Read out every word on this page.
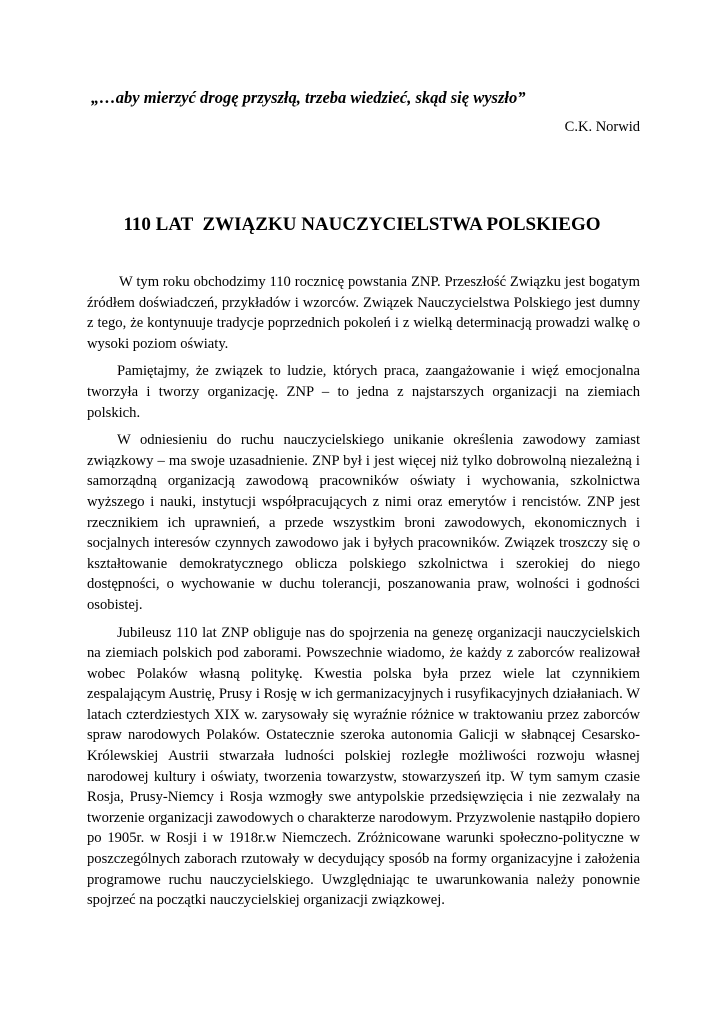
„…aby mierzyć drogę przyszłą, trzeba wiedzieć, skąd się wyszło”
C.K. Norwid
110 LAT  ZWIĄZKU NAUCZYCIELSTWA POLSKIEGO

W tym roku obchodzimy 110 rocznicę powstania ZNP. Przeszłość Związku jest bogatym źródłem doświadczeń, przykładów i wzorców. Związek Nauczycielstwa Polskiego jest dumny z tego, że kontynuuje tradycje poprzednich pokoleń i z wielką determinacją prowadzi walkę o wysoki poziom oświaty.

Pamiętajmy, że związek to ludzie, których praca, zaangażowanie i więź emocjonalna tworzyła i tworzy organizację. ZNP – to jedna z najstarszych organizacji na ziemiach polskich.

W odniesieniu do ruchu nauczycielskiego unikanie określenia zawodowy zamiast związkowy – ma swoje uzasadnienie. ZNP był i jest więcej niż tylko dobrowolną niezależną i samorządną organizacją zawodową pracowników oświaty i wychowania, szkolnictwa wyższego i nauki, instytucji współpracujących z nimi oraz emerytów i rencistów. ZNP jest rzecznikiem ich uprawnień, a przede wszystkim broni zawodowych, ekonomicznych i socjalnych interesów czynnych zawodowo jak i byłych pracowników. Związek troszczy się o kształtowanie demokratycznego oblicza polskiego szkolnictwa i szerokiej do niego dostępności, o wychowanie w duchu tolerancji, poszanowania praw, wolności i godności osobistej.

Jubileusz 110 lat ZNP obliguje nas do spojrzenia na genezę organizacji nauczycielskich na ziemiach polskich pod zaborami. Powszechnie wiadomo, że każdy z zaborców realizował wobec Polaków własną politykę. Kwestia polska była przez wiele lat czynnikiem zespalającym Austrię, Prusy i Rosję w ich germanizacyjnych i rusyfikacyjnych działaniach. W latach czterdziestych XIX w. zarysowały się wyraźnie różnice w traktowaniu przez zaborców spraw narodowych Polaków. Ostatecznie szeroka autonomia Galicji w słabnącej Cesarsko-Królewskiej Austrii stwarzała ludności polskiej rozległe możliwości rozwoju własnej narodowej kultury i oświaty, tworzenia towarzystw, stowarzyszeń itp. W tym samym czasie Rosja, Prusy-Niemcy i Rosja wzmogły swe antypolskie przedsięwzięcia i nie zezwalały na tworzenie organizacji zawodowych o charakterze narodowym. Przyzwolenie nastąpiło dopiero po 1905r. w Rosji i w 1918r.w Niemczech. Zróżnicowane warunki społeczno-polityczne w poszczególnych zaborach rzutowały w decydujący sposób na formy organizacyjne i założenia programowe ruchu nauczycielskiego. Uwzględniając te uwarunkowania należy ponownie spojrzeć na początki nauczycielskiej organizacji związkowej.
